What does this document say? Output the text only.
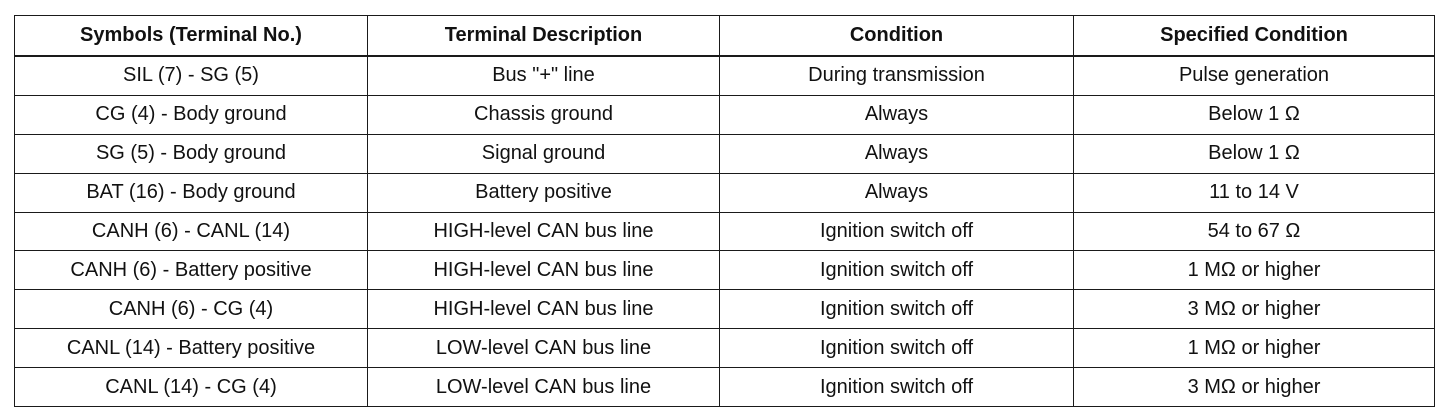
Symbols (Terminal No.)	Terminal Description	Condition	Specified Condition
SIL (7) - SG (5)	Bus "+" line	During transmission	Pulse generation
CG (4) - Body ground	Chassis ground	Always	Below 1 Ω
SG (5) - Body ground	Signal ground	Always	Below 1 Ω
BAT (16) - Body ground	Battery positive	Always	11 to 14 V
CANH (6) - CANL (14)	HIGH-level CAN bus line	Ignition switch off	54 to 67 Ω
CANH (6) - Battery positive	HIGH-level CAN bus line	Ignition switch off	1 MΩ or higher
CANH (6) - CG (4)	HIGH-level CAN bus line	Ignition switch off	3 MΩ or higher
CANL (14) - Battery positive	LOW-level CAN bus line	Ignition switch off	1 MΩ or higher
CANL (14) - CG (4)	LOW-level CAN bus line	Ignition switch off	3 MΩ or higher
